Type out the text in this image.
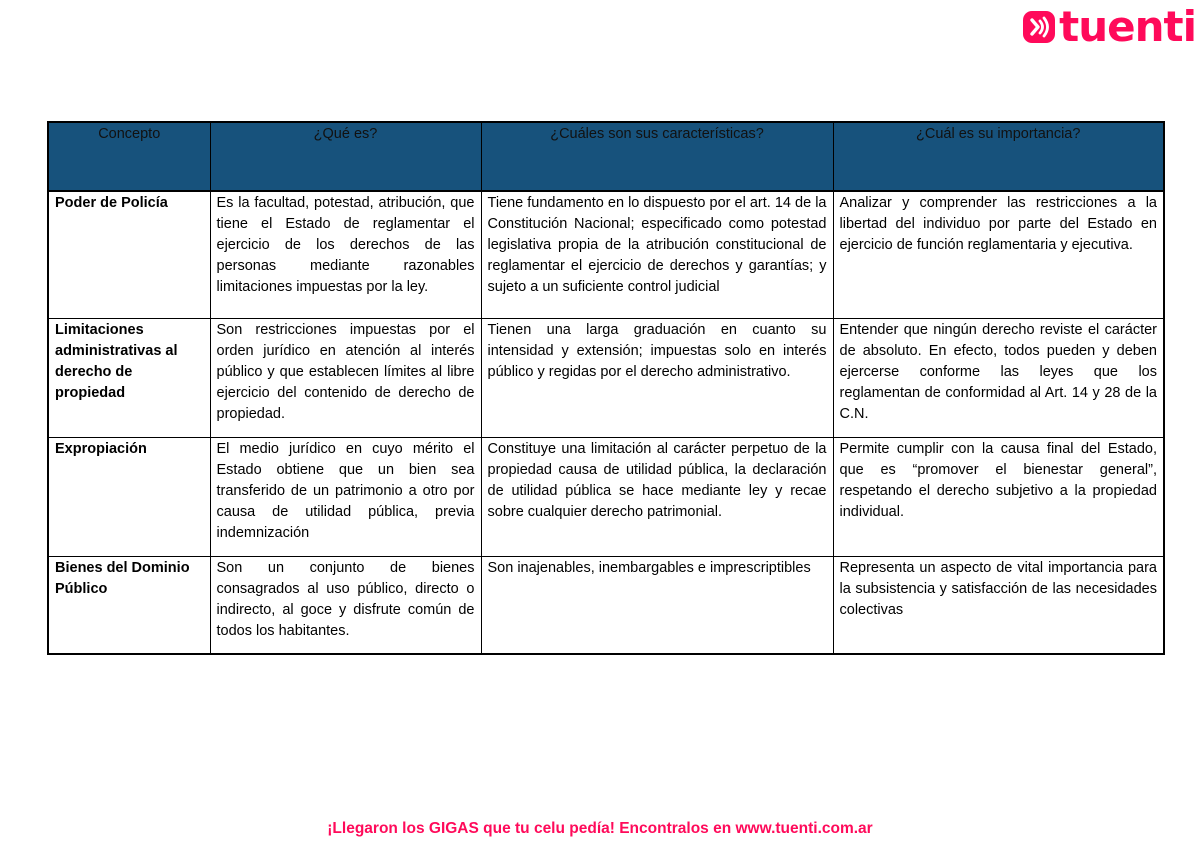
tuenti
Concepto	¿Qué es?	¿Cuáles son sus características?	¿Cuál es su importancia?
Poder de Policía	Es la facultad, potestad, atribución, que tiene el Estado de reglamentar el ejercicio de los derechos de las personas mediante razonables limitaciones impuestas por la ley.	Tiene fundamento en lo dispuesto por el art. 14 de la Constitución Nacional; especificado como potestad legislativa propia de la atribución constitucional de reglamentar el ejercicio de derechos y garantías; y sujeto a un suficiente control judicial	Analizar y comprender las restricciones a la libertad del individuo por parte del Estado en ejercicio de función reglamentaria y ejecutiva.
Limitaciones administrativas al derecho de propiedad	Son restricciones impuestas por el orden jurídico en atención al interés público y que establecen límites al libre ejercicio del contenido de derecho de propiedad.	Tienen una larga graduación en cuanto su intensidad y extensión; impuestas solo en interés público y regidas por el derecho administrativo.	Entender que ningún derecho reviste el carácter de absoluto. En efecto, todos pueden y deben ejercerse conforme las leyes que los reglamentan de conformidad al Art. 14 y 28 de la C.N.
Expropiación	El medio jurídico en cuyo mérito el Estado obtiene que un bien sea transferido de un patrimonio a otro por causa de utilidad pública, previa indemnización	Constituye una limitación al carácter perpetuo de la propiedad causa de utilidad pública, la declaración de utilidad pública se hace mediante ley y recae sobre cualquier derecho patrimonial.	Permite cumplir con la causa final del Estado, que es “promover el bienestar general”, respetando el derecho subjetivo a la propiedad individual.
Bienes del Dominio Público	Son un conjunto de bienes consagrados al uso público, directo o indirecto, al goce y disfrute común de todos los habitantes.	Son inajenables, inembargables e imprescriptibles	Representa un aspecto de vital importancia para la subsistencia y satisfacción de las necesidades colectivas
¡Llegaron los GIGAS que tu celu pedía! Encontralos en www.tuenti.com.ar
